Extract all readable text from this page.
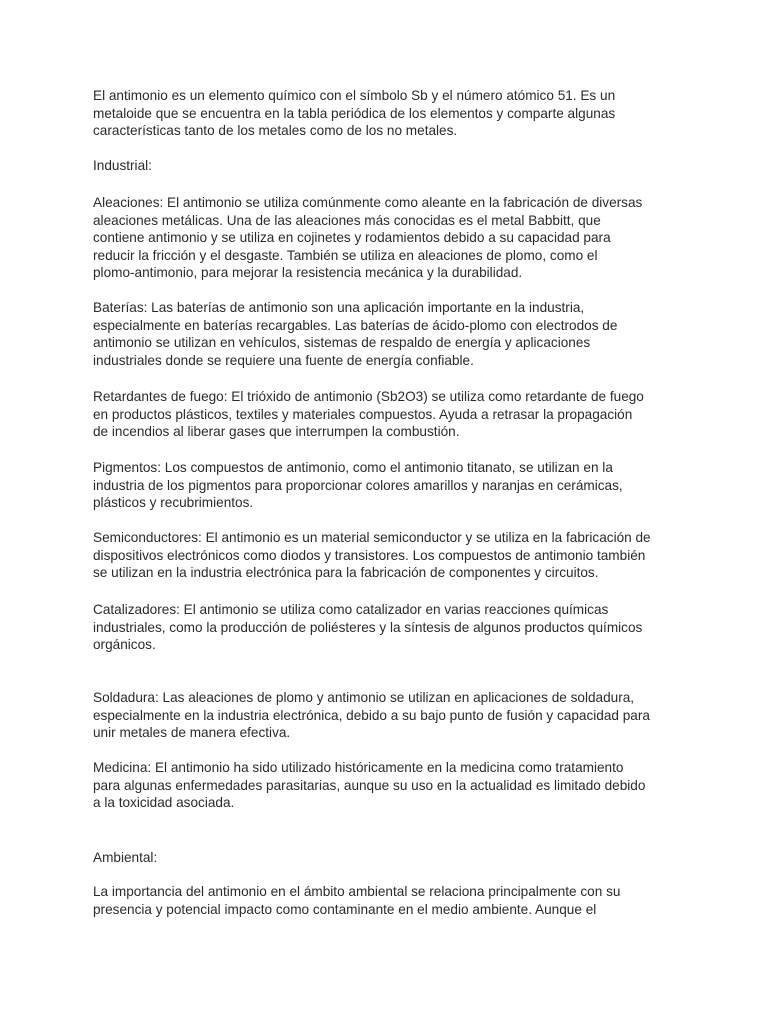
El antimonio es un elemento químico con el símbolo Sb y el número atómico 51. Es un
metaloide que se encuentra en la tabla periódica de los elementos y comparte algunas
características tanto de los metales como de los no metales.

Industrial:

Aleaciones: El antimonio se utiliza comúnmente como aleante en la fabricación de diversas
aleaciones metálicas. Una de las aleaciones más conocidas es el metal Babbitt, que
contiene antimonio y se utiliza en cojinetes y rodamientos debido a su capacidad para
reducir la fricción y el desgaste. También se utiliza en aleaciones de plomo, como el
plomo-antimonio, para mejorar la resistencia mecánica y la durabilidad.

Baterías: Las baterías de antimonio son una aplicación importante en la industria,
especialmente en baterías recargables. Las baterías de ácido-plomo con electrodos de
antimonio se utilizan en vehículos, sistemas de respaldo de energía y aplicaciones
industriales donde se requiere una fuente de energía confiable.

Retardantes de fuego: El trióxido de antimonio (Sb2O3) se utiliza como retardante de fuego
en productos plásticos, textiles y materiales compuestos. Ayuda a retrasar la propagación
de incendios al liberar gases que interrumpen la combustión.

Pigmentos: Los compuestos de antimonio, como el antimonio titanato, se utilizan en la
industria de los pigmentos para proporcionar colores amarillos y naranjas en cerámicas,
plásticos y recubrimientos.

Semiconductores: El antimonio es un material semiconductor y se utiliza en la fabricación de
dispositivos electrónicos como diodos y transistores. Los compuestos de antimonio también
se utilizan en la industria electrónica para la fabricación de componentes y circuitos.

Catalizadores: El antimonio se utiliza como catalizador en varias reacciones químicas
industriales, como la producción de poliésteres y la síntesis de algunos productos químicos
orgánicos.

Soldadura: Las aleaciones de plomo y antimonio se utilizan en aplicaciones de soldadura,
especialmente en la industria electrónica, debido a su bajo punto de fusión y capacidad para
unir metales de manera efectiva.

Medicina: El antimonio ha sido utilizado históricamente en la medicina como tratamiento
para algunas enfermedades parasitarias, aunque su uso en la actualidad es limitado debido
a la toxicidad asociada.

Ambiental:

La importancia del antimonio en el ámbito ambiental se relaciona principalmente con su
presencia y potencial impacto como contaminante en el medio ambiente. Aunque el
